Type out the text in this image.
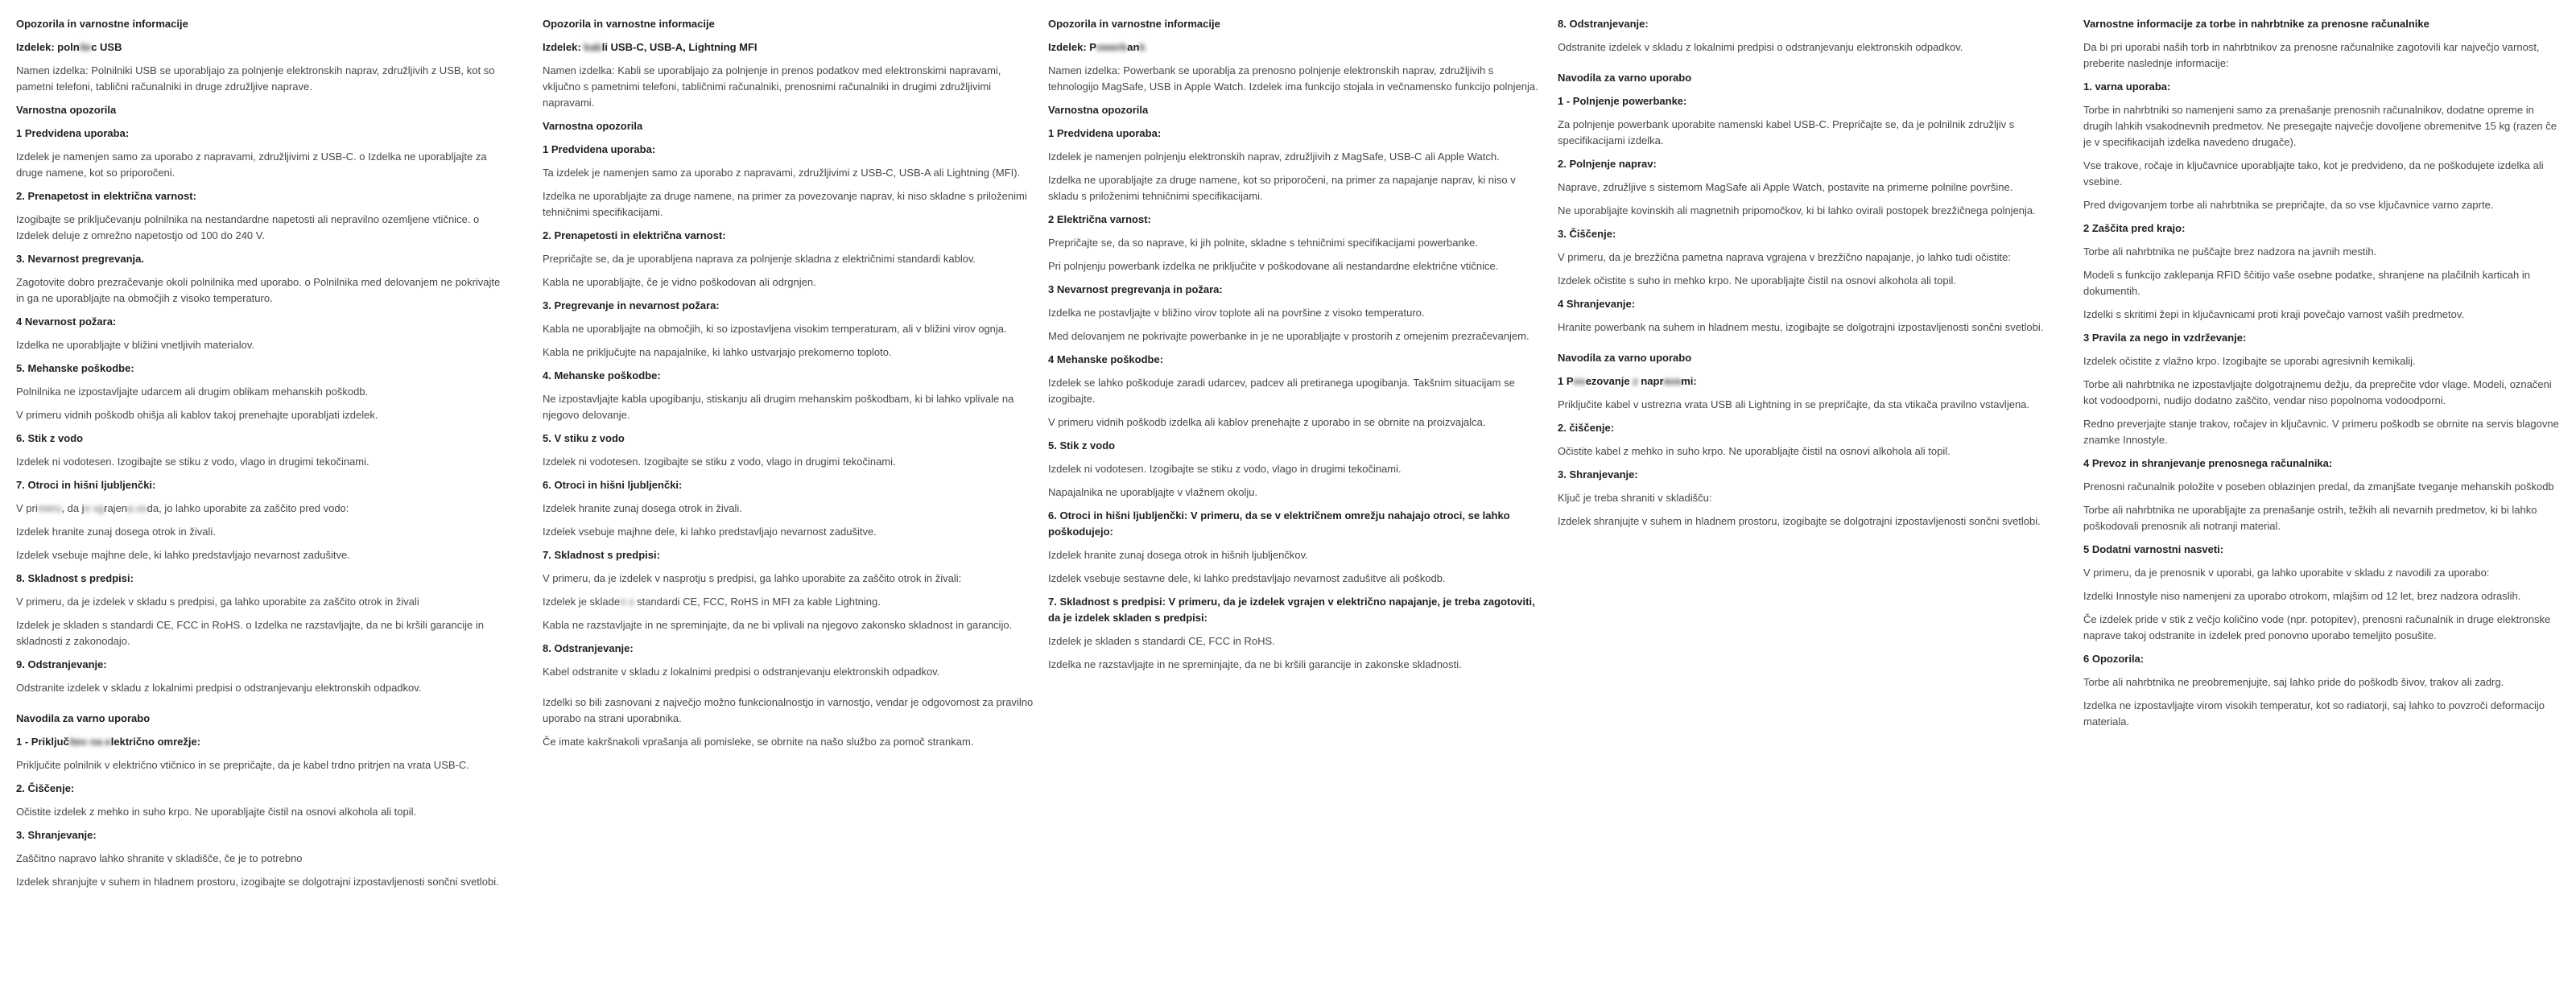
Opozorila in varnostne informacije
Izdelek: polnilec USB

Namen izdelka: Polnilniki USB se uporabljajo za polnjenje elektronskih naprav, združljivih z USB, kot so pametni telefoni, tablični računalniki in druge združljive naprave.

Varnostna opozorila
1 Predvidena uporaba:

Izdelek je namenjen samo za uporabo z napravami, združljivimi z USB-C. o Izdelka ne uporabljajte za druge namene, kot so priporočeni.

2. Prenapetost in električna varnost:

Izogibajte se priključevanju polnilnika na nestandardne napetosti ali nepravilno ozemljene vtičnice. o Izdelek deluje z omrežno napetostjo od 100 do 240 V.

3. Nevarnost pregrevanja.

Zagotovite dobro prezračevanje okoli polnilnika med uporabo. o Polnilnika med delovanjem ne pokrivajte in ga ne uporabljajte na območjih z visoko temperaturo.

4 Nevarnost požara:

Izdelka ne uporabljajte v bližini vnetljivih materialov.

5. Mehanske poškodbe:

Polnilnika ne izpostavljajte udarcem ali drugim oblikam mehanskih poškodb.

V primeru vidnih poškodb ohišja ali kablov takoj prenehajte uporabljati izdelek.

6. Stik z vodo

Izdelek ni vodotesen. Izogibajte se stiku z vodo, vlago in drugimi tekočinami.

7. Otroci in hišni ljubljenčki:

V primeru, da je vgrajena voda, jo lahko uporabite za zaščito pred vodo:

Izdelek hranite zunaj dosega otrok in živali.

Izdelek vsebuje majhne dele, ki lahko predstavljajo nevarnost zadušitve.

8. Skladnost s predpisi:

V primeru, da je izdelek v skladu s predpisi, ga lahko uporabite za zaščito otrok in živali

Izdelek je skladen s standardi CE, FCC in RoHS. o Izdelka ne razstavljajte, da ne bi kršili garancije in skladnosti z zakonodajo.

9. Odstranjevanje:

Odstranite izdelek v skladu z lokalnimi predpisi o odstranjevanju elektronskih odpadkov.

Navodila za varno uporabo
1 - Priključitev na električno omrežje:

Priključite polnilnik v električno vtičnico in se prepričajte, da je kabel trdno pritrjen na vrata USB-C.

2. Čiščenje:

Očistite izdelek z mehko in suho krpo. Ne uporabljajte čistil na osnovi alkohola ali topil.

3. Shranjevanje:

Zaščitno napravo lahko shranite v skladišče, če je to potrebno

Izdelek shranjujte v suhem in hladnem prostoru, izogibajte se dolgotrajni izpostavljenosti sončni svetlobi.

Opozorila in varnostne informacije
Izdelek: kabli USB-C, USB-A, Lightning MFI

Namen izdelka: Kabli se uporabljajo za polnjenje in prenos podatkov med elektronskimi napravami, vključno s pametnimi telefoni, tabličnimi računalniki, prenosnimi računalniki in drugimi združljivimi napravami.

Varnostna opozorila
1 Predvidena uporaba:

Ta izdelek je namenjen samo za uporabo z napravami, združljivimi z USB-C, USB-A ali Lightning (MFI).

Izdelka ne uporabljajte za druge namene, na primer za povezovanje naprav, ki niso skladne s priloženimi tehničnimi specifikacijami.

2. Prenapetosti in električna varnost:

Prepričajte se, da je uporabljena naprava za polnjenje skladna z električnimi standardi kablov.

Kabla ne uporabljajte, če je vidno poškodovan ali odrgnjen.

3. Pregrevanje in nevarnost požara:

Kabla ne uporabljajte na območjih, ki so izpostavljena visokim temperaturam, ali v bližini virov ognja.

Kabla ne priključujte na napajalnike, ki lahko ustvarjajo prekomerno toploto.

4. Mehanske poškodbe:

Ne izpostavljajte kabla upogibanju, stiskanju ali drugim mehanskim poškodbam, ki bi lahko vplivale na njegovo delovanje.

5. V stiku z vodo

Izdelek ni vodotesen. Izogibajte se stiku z vodo, vlago in drugimi tekočinami.

6. Otroci in hišni ljubljenčki:

Izdelek hranite zunaj dosega otrok in živali.

Izdelek vsebuje majhne dele, ki lahko predstavljajo nevarnost zadušitve.

7. Skladnost s predpisi:

V primeru, da je izdelek v nasprotju s predpisi, ga lahko uporabite za zaščito otrok in živali:

Izdelek je skladen s standardi CE, FCC, RoHS in MFI za kable Lightning.

Kabla ne razstavljajte in ne spreminjajte, da ne bi vplivali na njegovo zakonsko skladnost in garancijo.

8. Odstranjevanje:

Kabel odstranite v skladu z lokalnimi predpisi o odstranjevanju elektronskih odpadkov.

Izdelki so bili zasnovani z največjo možno funkcionalnostjo in varnostjo, vendar je odgovornost za pravilno uporabo na strani uporabnika.

Če imate kakršnakoli vprašanja ali pomisleke, se obrnite na našo službo za pomoč strankam.

Opozorila in varnostne informacije
Izdelek: Powerbank

Namen izdelka: Powerbank se uporablja za prenosno polnjenje elektronskih naprav, združljivih s tehnologijo MagSafe, USB in Apple Watch. Izdelek ima funkcijo stojala in večnamensko funkcijo polnjenja.

Varnostna opozorila
1 Predvidena uporaba:

Izdelek je namenjen polnjenju elektronskih naprav, združljivih z MagSafe, USB-C ali Apple Watch.

Izdelka ne uporabljajte za druge namene, kot so priporočeni, na primer za napajanje naprav, ki niso v skladu s priloženimi tehničnimi specifikacijami.

2 Električna varnost:

Prepričajte se, da so naprave, ki jih polnite, skladne s tehničnimi specifikacijami powerbanke.

Pri polnjenju powerbank izdelka ne priključite v poškodovane ali nestandardne električne vtičnice.

3 Nevarnost pregrevanja in požara:

Izdelka ne postavljajte v bližino virov toplote ali na površine z visoko temperaturo.

Med delovanjem ne pokrivajte powerbanke in je ne uporabljajte v prostorih z omejenim prezračevanjem.

4 Mehanske poškodbe:

Izdelek se lahko poškoduje zaradi udarcev, padcev ali pretiranega upogibanja. Takšnim situacijam se izogibajte.

V primeru vidnih poškodb izdelka ali kablov prenehajte z uporabo in se obrnite na proizvajalca.

5. Stik z vodo

Izdelek ni vodotesen. Izogibajte se stiku z vodo, vlago in drugimi tekočinami.

Napajalnika ne uporabljajte v vlažnem okolju.

6. Otroci in hišni ljubljenčki: V primeru, da se v električnem omrežju nahajajo otroci, se lahko poškodujejo:

Izdelek hranite zunaj dosega otrok in hišnih ljubljenčkov.

Izdelek vsebuje sestavne dele, ki lahko predstavljajo nevarnost zadušitve ali poškodb.

7. Skladnost s predpisi: V primeru, da je izdelek vgrajen v električno napajanje, je treba zagotoviti, da je izdelek skladen s predpisi:

Izdelek je skladen s standardi CE, FCC in RoHS.

Izdelka ne razstavljajte in ne spreminjajte, da ne bi kršili garancije in zakonske skladnosti.

8. Odstranjevanje:

Odstranite izdelek v skladu z lokalnimi predpisi o odstranjevanju elektronskih odpadkov.

Navodila za varno uporabo
1 - Polnjenje powerbanke:

Za polnjenje powerbank uporabite namenski kabel USB-C. Prepričajte se, da je polnilnik združljiv s specifikacijami izdelka.

2. Polnjenje naprav:

Naprave, združljive s sistemom MagSafe ali Apple Watch, postavite na primerne polnilne površine.

Ne uporabljajte kovinskih ali magnetnih pripomočkov, ki bi lahko ovirali postopek brezžičnega polnjenja.

3. Čiščenje:

V primeru, da je brezžična pametna naprava vgrajena v brezžično napajanje, jo lahko tudi očistite:

Izdelek očistite s suho in mehko krpo. Ne uporabljajte čistil na osnovi alkohola ali topil.

4 Shranjevanje:

Hranite powerbank na suhem in hladnem mestu, izogibajte se dolgotrajni izpostavljenosti sončni svetlobi.

Navodila za varno uporabo
1 Povezovanje z napravami:

Priključite kabel v ustrezna vrata USB ali Lightning in se prepričajte, da sta vtikača pravilno vstavljena.

2. čiščenje:

Očistite kabel z mehko in suho krpo. Ne uporabljajte čistil na osnovi alkohola ali topil.

3. Shranjevanje:

Ključ je treba shraniti v skladišču:

Izdelek shranjujte v suhem in hladnem prostoru, izogibajte se dolgotrajni izpostavljenosti sončni svetlobi.

Varnostne informacije za torbe in nahrbtnike za prenosne računalnike

Da bi pri uporabi naših torb in nahrbtnikov za prenosne računalnike zagotovili kar največjo varnost, preberite naslednje informacije:

1. varna uporaba:

Torbe in nahrbtniki so namenjeni samo za prenašanje prenosnih računalnikov, dodatne opreme in drugih lahkih vsakodnevnih predmetov. Ne presegajte največje dovoljene obremenitve 15 kg (razen če je v specifikacijah izdelka navedeno drugače).

Vse trakove, ročaje in ključavnice uporabljajte tako, kot je predvideno, da ne poškodujete izdelka ali vsebine.

Pred dvigovanjem torbe ali nahrbtnika se prepričajte, da so vse ključavnice varno zaprte.

2 Zaščita pred krajo:

Torbe ali nahrbtnika ne puščajte brez nadzora na javnih mestih.

Modeli s funkcijo zaklepanja RFID ščitijo vaše osebne podatke, shranjene na plačilnih karticah in dokumentih.

Izdelki s skritimi žepi in ključavnicami proti kraji povečajo varnost vaših predmetov.

3 Pravila za nego in vzdrževanje:

Izdelek očistite z vlažno krpo. Izogibajte se uporabi agresivnih kemikalij.

Torbe ali nahrbtnika ne izpostavljajte dolgotrajnemu dežju, da preprečite vdor vlage. Modeli, označeni kot vodoodporni, nudijo dodatno zaščito, vendar niso popolnoma vodoodporni.

Redno preverjajte stanje trakov, ročajev in ključavnic. V primeru poškodb se obrnite na servis blagovne znamke Innostyle.

4 Prevoz in shranjevanje prenosnega računalnika:

Prenosni računalnik položite v poseben oblazinjen predal, da zmanjšate tveganje mehanskih poškodb

Torbe ali nahrbtnika ne uporabljajte za prenašanje ostrih, težkih ali nevarnih predmetov, ki bi lahko poškodovali prenosnik ali notranji material.

5 Dodatni varnostni nasveti:

V primeru, da je prenosnik v uporabi, ga lahko uporabite v skladu z navodili za uporabo:

Izdelki Innostyle niso namenjeni za uporabo otrokom, mlajšim od 12 let, brez nadzora odraslih.

Če izdelek pride v stik z večjo količino vode (npr. potopitev), prenosni računalnik in druge elektronske naprave takoj odstranite in izdelek pred ponovno uporabo temeljito posušite.

6 Opozorila:

Torbe ali nahrbtnika ne preobremenjujte, saj lahko pride do poškodb šivov, trakov ali zadrg.

Izdelka ne izpostavljajte virom visokih temperatur, kot so radiatorji, saj lahko to povzroči deformacijo materiala.
